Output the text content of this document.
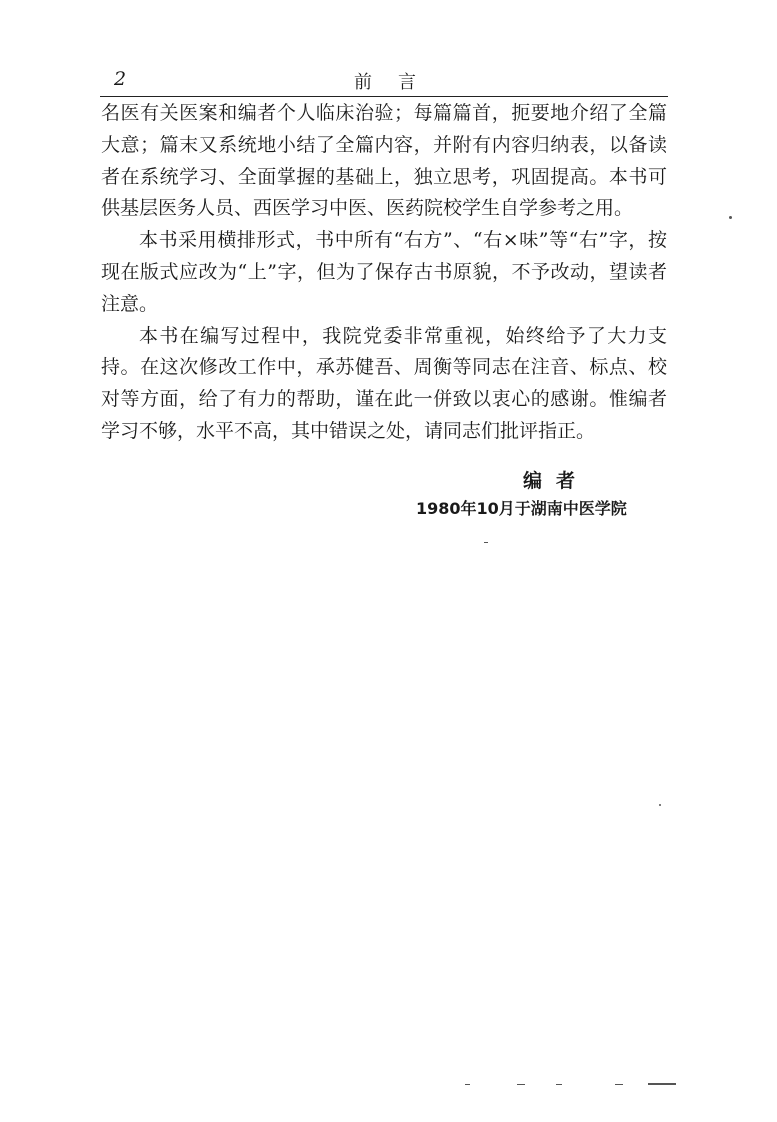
2	前言

名医有关医案和编者个人临床治验；每篇篇首，扼要地介绍了全篇大意；篇末又系统地小结了全篇内容，并附有内容归纳表，以备读者在系统学习、全面掌握的基础上，独立思考，巩固提高。本书可供基层医务人员、西医学习中医、医药院校学生自学参考之用。

本书采用横排形式，书中所有“右方”、“右×味”等“右”字，按现在版式应改为“上”字，但为了保存古书原貌，不予改动，望读者注意。

本书在编写过程中，我院党委非常重视，始终给予了大力支持。在这次修改工作中，承苏健吾、周衡等同志在注音、标点、校对等方面，给了有力的帮助，谨在此一併致以衷心的感谢。惟编者学习不够，水平不高，其中错误之处，请同志们批评指正。

编者
1980年10月于湖南中医学院
